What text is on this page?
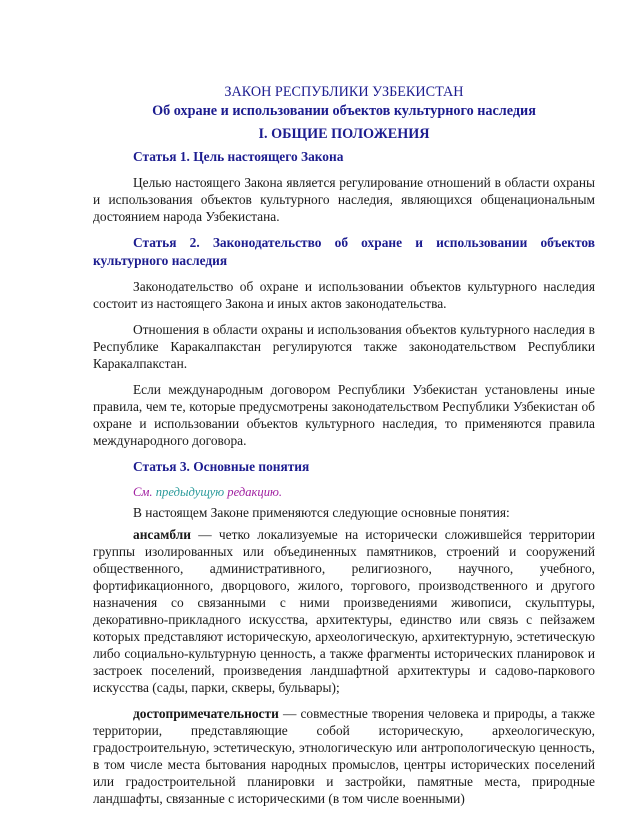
ЗАКОН РЕСПУБЛИКИ УЗБЕКИСТАН
Об охране и использовании объектов культурного наследия
I. ОБЩИЕ ПОЛОЖЕНИЯ

Статья 1. Цель настоящего Закона

Целью настоящего Закона является регулирование отношений в области охраны и использования объектов культурного наследия, являющихся общенациональным достоянием народа Узбекистана.

Статья 2. Законодательство об охране и использовании объектов культурного наследия

Законодательство об охране и использовании объектов культурного наследия состоит из настоящего Закона и иных актов законодательства.

Отношения в области охраны и использования объектов культурного наследия в Республике Каракалпакстан регулируются также законодательством Республики Каракалпакстан.

Если международным договором Республики Узбекистан установлены иные правила, чем те, которые предусмотрены законодательством Республики Узбекистан об охране и использовании объектов культурного наследия, то применяются правила международного договора.

Статья 3. Основные понятия

См. предыдущую редакцию.

В настоящем Законе применяются следующие основные понятия:

ансамбли — четко локализуемые на исторически сложившейся территории группы изолированных или объединенных памятников, строений и сооружений общественного, административного, религиозного, научного, учебного, фортификационного, дворцового, жилого, торгового, производственного и другого назначения со связанными с ними произведениями живописи, скульптуры, декоративно-прикладного искусства, архитектуры, единство или связь с пейзажем которых представляют историческую, археологическую, архитектурную, эстетическую либо социально-культурную ценность, а также фрагменты исторических планировок и застроек поселений, произведения ландшафтной архитектуры и садово-паркового искусства (сады, парки, скверы, бульвары);

достопримечательности — совместные творения человека и природы, а также территории, представляющие собой историческую, археологическую, градостроительную, эстетическую, этнологическую или антропологическую ценность, в том числе места бытования народных промыслов, центры исторических поселений или градостроительной планировки и застройки, памятные места, природные ландшафты, связанные с историческими (в том числе военными)
